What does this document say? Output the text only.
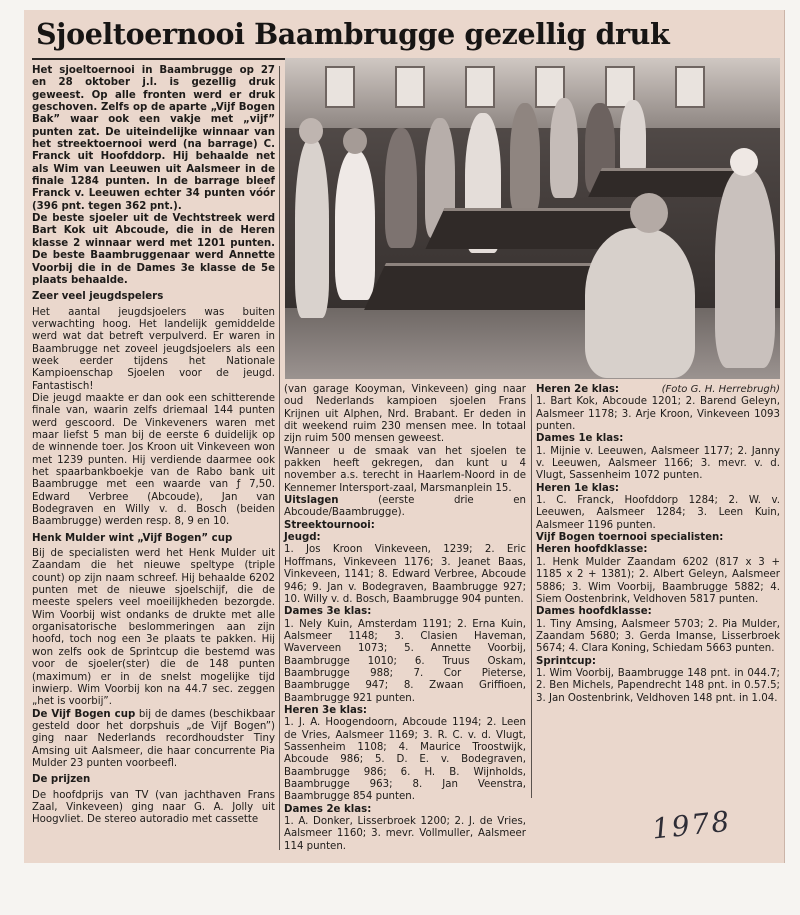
Sjoeltoernooi Baambrugge gezellig druk

Het sjoeltoernooi in Baambrugge op 27 en 28 oktober j.l. is gezellig druk geweest. Op alle fronten werd er druk geschoven. Zelfs op de aparte „Vijf Bogen Bak” waar ook een vakje met „vijf” punten zat. De uiteindelijke winnaar van het streektoernooi werd (na barrage) C. Franck uit Hoofddorp. Hij behaalde net als Wim van Leeuwen uit Aalsmeer in de finale 1284 punten. In de barrage bleef Franck v. Leeuwen echter 34 punten vóór (396 pnt. tegen 362 pnt.).

De beste sjoeler uit de Vechtstreek werd Bart Kok uit Abcoude, die in de Heren klasse 2 winnaar werd met 1201 punten. De beste Baambruggenaar werd Annette Voorbij die in de Dames 3e klasse de 5e plaats behaalde.

Zeer veel jeugdspelers

Het aantal jeugdsjoelers was buiten verwachting hoog. Het landelijk gemiddelde werd wat dat betreft verpulverd. Er waren in Baambrugge net zoveel jeugdsjoelers als een week eerder tijdens het Nationale Kampioenschap Sjoelen voor de jeugd. Fantastisch!

Die jeugd maakte er dan ook een schitterende finale van, waarin zelfs driemaal 144 punten werd gescoord. De Vinkeveners waren met maar liefst 5 man bij de eerste 6 duidelijk op de winnende toer. Jos Kroon uit Vinkeveen won met 1239 punten. Hij verdiende daarmee ook het spaarbankboekje van de Rabo bank uit Baambrugge met een waarde van ƒ 7,50. Edward Verbree (Abcoude), Jan van Bodegraven en Willy v. d. Bosch (beiden Baambrugge) werden resp. 8, 9 en 10.

Henk Mulder wint „Vijf Bogen” cup

Bij de specialisten werd het Henk Mulder uit Zaandam die het nieuwe speltype (triple count) op zijn naam schreef. Hij behaalde 6202 punten met de nieuwe sjoelschijf, die de meeste spelers veel moeilijkheden bezorgde. Wim Voorbij wist ondanks de drukte met alle organisatorische beslommeringen aan zijn hoofd, toch nog een 3e plaats te pakken. Hij won zelfs ook de Sprintcup die bestemd was voor de sjoeler(ster) die de 148 punten (maximum) er in de snelst mogelijke tijd inwierp. Wim Voorbij kon na 44.7 sec. zeggen „het is voorbij”.

De Vijf Bogen cup bij de dames (beschikbaar gesteld door het dorpshuis „de Vijf Bogen”) ging naar Nederlands recordhoudster Tiny Amsing uit Aalsmeer, die haar concurrente Pia Mulder 23 punten voorbeefl.

De prijzen

De hoofdprijs van TV (van jachthaven Frans Zaal, Vinkeveen) ging naar G. A. Jolly uit Hoogvliet. De stereo autoradio met cassette

(Foto G. H. Herrebrugh)

(van garage Kooyman, Vinkeveen) ging naar oud Nederlands kampioen sjoelen Frans Krijnen uit Alphen, Nrd. Brabant. Er deden in dit weekend ruim 230 mensen mee. In totaal zijn ruim 500 mensen geweest.

Wanneer u de smaak van het sjoelen te pakken heeft gekregen, dan kunt u 4 november a.s. terecht in Haarlem-Noord in de Kennemer Intersport-zaal, Marsmanplein 15.

Uitslagen (eerste drie en Abcoude/Baambrugge).

Streektournooi:

Jeugd:

1. Jos Kroon Vinkeveen, 1239; 2. Eric Hoffmans, Vinkeveen 1176; 3. Jeanet Baas, Vinkeveen, 1141; 8. Edward Verbree, Abcoude 946; 9. Jan v. Bodegraven, Baambrugge 927; 10. Willy v. d. Bosch, Baambrugge 904 punten.

Dames 3e klas:

1. Nely Kuin, Amsterdam 1191; 2. Erna Kuin, Aalsmeer 1148; 3. Clasien Haveman, Waverveen 1073; 5. Annette Voorbij, Baambrugge 1010; 6. Truus Oskam, Baambrugge 988; 7. Cor Pieterse, Baambrugge 947; 8. Zwaan Griffioen, Baambrugge 921 punten.

Heren 3e klas:

1. J. A. Hoogendoorn, Abcoude 1194; 2. Leen de Vries, Aalsmeer 1169; 3. R. C. v. d. Vlugt, Sassenheim 1108; 4. Maurice Troostwijk, Abcoude 986; 5. D. E. v. Bodegraven, Baambrugge 986; 6. H. B. Wijnholds, Baambrugge 963; 8. Jan Veenstra, Baambrugge 854 punten.

Dames 2e klas:

1. A. Donker, Lisserbroek 1200; 2. J. de Vries, Aalsmeer 1160; 3. mevr. Vollmuller, Aalsmeer 114 punten.

Heren 2e klas:

1. Bart Kok, Abcoude 1201; 2. Barend Geleyn, Aalsmeer 1178; 3. Arje Kroon, Vinkeveen 1093 punten.

Dames 1e klas:

1. Mijnie v. Leeuwen, Aalsmeer 1177; 2. Janny v. Leeuwen, Aalsmeer 1166; 3. mevr. v. d. Vlugt, Sassenheim 1072 punten.

Heren 1e klas:

1. C. Franck, Hoofddorp 1284; 2. W. v. Leeuwen, Aalsmeer 1284; 3. Leen Kuin, Aalsmeer 1196 punten.

Vijf Bogen toernooi specialisten:

Heren hoofdklasse:

1. Henk Mulder Zaandam 6202 (817 x 3 + 1185 x 2 + 1381); 2. Albert Geleyn, Aalsmeer 5886; 3. Wim Voorbij, Baambrugge 5882; 4. Siem Oostenbrink, Veldhoven 5817 punten.

Dames hoofdklasse:

1. Tiny Amsing, Aalsmeer 5703; 2. Pia Mulder, Zaandam 5680; 3. Gerda Imanse, Lisserbroek 5674; 4. Clara Koning, Schiedam 5663 punten.

Sprintcup:

1. Wim Voorbij, Baambrugge 148 pnt. in 044.7; 2. Ben Michels, Papendrecht 148 pnt. in 0.57.5; 3. Jan Oostenbrink, Veldhoven 148 pnt. in 1.04.

1978
